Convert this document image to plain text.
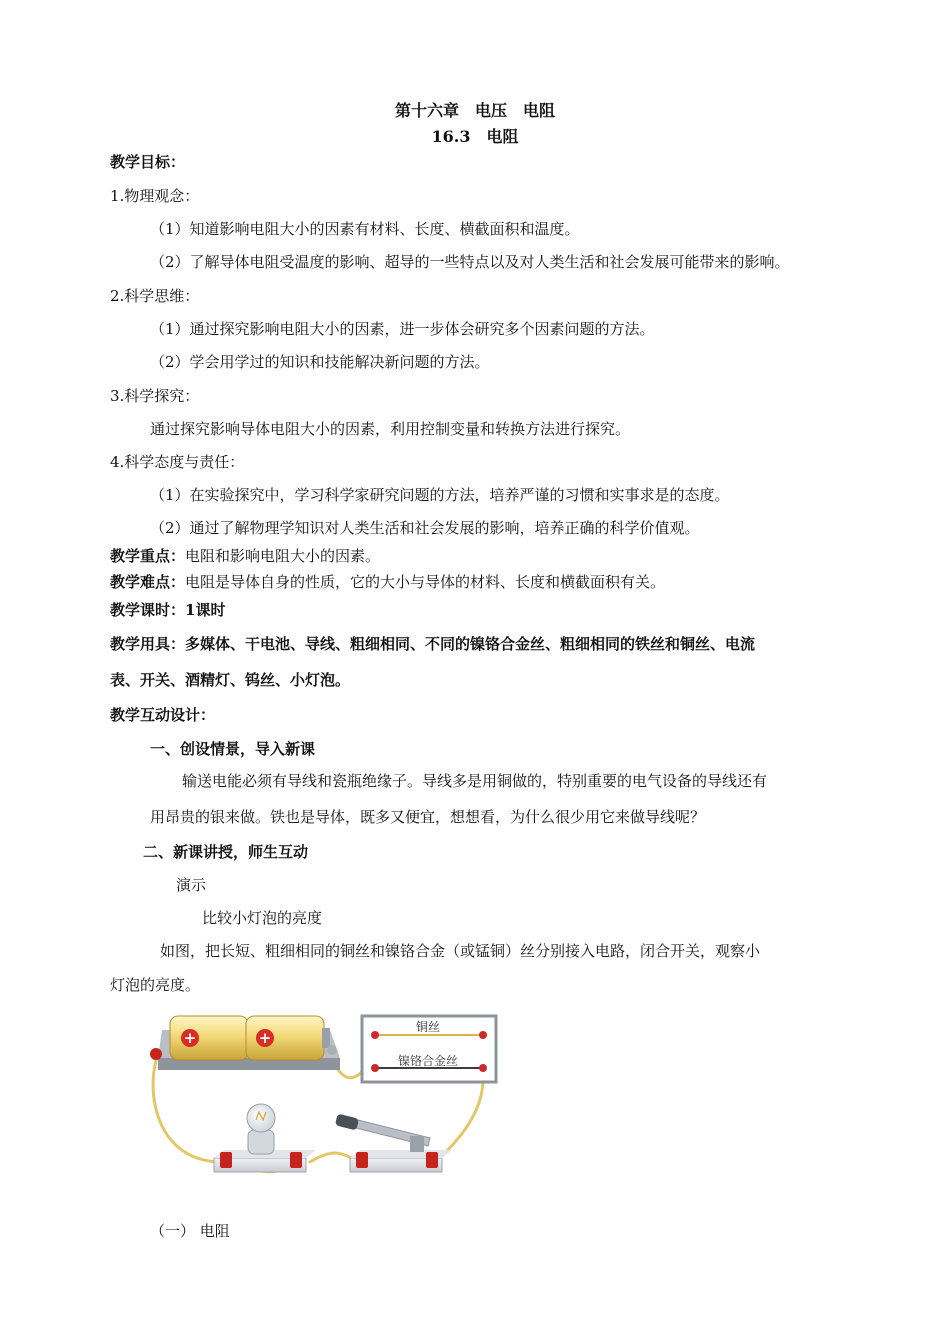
第十六章　电压　电阻
16.3　电阻
教学目标：
1.物理观念：
（1）知道影响电阻大小的因素有材料、长度、横截面积和温度。
（2）了解导体电阻受温度的影响、超导的一些特点以及对人类生活和社会发展可能带来的影响。
2.科学思维：
（1）通过探究影响电阻大小的因素，进一步体会研究多个因素问题的方法。
（2）学会用学过的知识和技能解决新问题的方法。
3.科学探究：
通过探究影响导体电阻大小的因素，利用控制变量和转换方法进行探究。
4.科学态度与责任：
（1）在实验探究中，学习科学家研究问题的方法，培养严谨的习惯和实事求是的态度。
（2）通过了解物理学知识对人类生活和社会发展的影响，培养正确的科学价值观。
教学重点：电阻和影响电阻大小的因素。
教学难点：电阻是导体自身的性质，它的大小与导体的材料、长度和横截面积有关。
教学课时：1课时
教学用具：多媒体、干电池、导线、粗细相同、不同的镍铬合金丝、粗细相同的铁丝和铜丝、电流
表、开关、酒精灯、钨丝、小灯泡。
教学互动设计：
一、创设情景，导入新课
输送电能必须有导线和瓷瓶绝缘子。导线多是用铜做的，特别重要的电气设备的导线还有
用昂贵的银来做。铁也是导体，既多又便宜，想想看，为什么很少用它来做导线呢？
二、新课讲授，师生互动
演示
比较小灯泡的亮度
如图，把长短、粗细相同的铜丝和镍铬合金（或锰铜）丝分别接入电路，闭合开关，观察小
灯泡的亮度。
+	+
铜丝
镍铬合金丝
（一） 电阻
